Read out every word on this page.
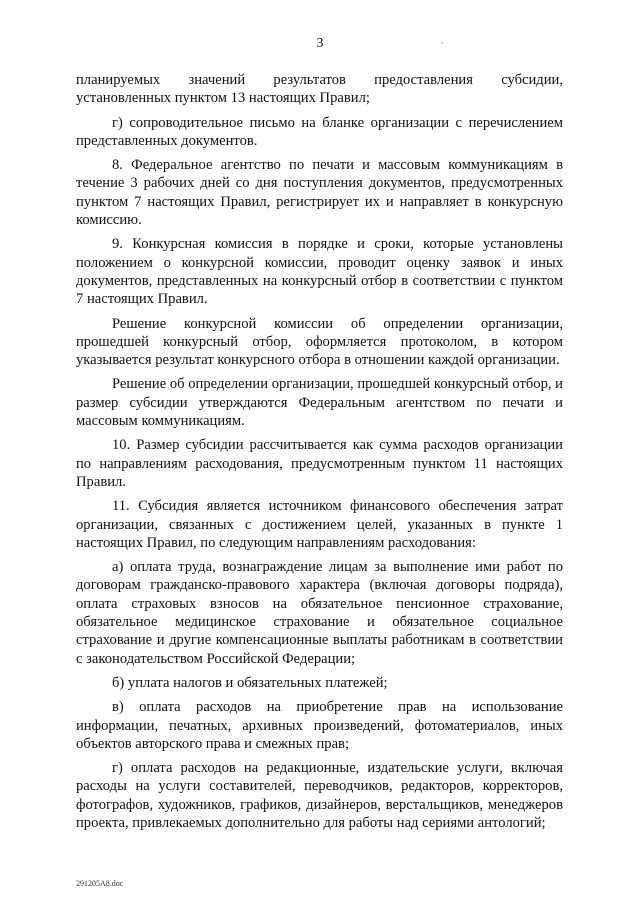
3

планируемых значений результатов предоставления субсидии, установленных пунктом 13 настоящих Правил;

г) сопроводительное письмо на бланке организации с перечислением представленных документов.

8. Федеральное агентство по печати и массовым коммуникациям в течение 3 рабочих дней со дня поступления документов, предусмотренных пунктом 7 настоящих Правил, регистрирует их и направляет в конкурсную комиссию.

9. Конкурсная комиссия в порядке и сроки, которые установлены положением о конкурсной комиссии, проводит оценку заявок и иных документов, представленных на конкурсный отбор в соответствии с пунктом 7 настоящих Правил.

Решение конкурсной комиссии об определении организации, прошедшей конкурсный отбор, оформляется протоколом, в котором указывается результат конкурсного отбора в отношении каждой организации.

Решение об определении организации, прошедшей конкурсный отбор, и размер субсидии утверждаются Федеральным агентством по печати и массовым коммуникациям.

10. Размер субсидии рассчитывается как сумма расходов организации по направлениям расходования, предусмотренным пунктом 11 настоящих Правил.

11. Субсидия является источником финансового обеспечения затрат организации, связанных с достижением целей, указанных в пункте 1 настоящих Правил, по следующим направлениям расходования:

а) оплата труда, вознаграждение лицам за выполнение ими работ по договорам гражданско-правового характера (включая договоры подряда), оплата страховых взносов на обязательное пенсионное страхование, обязательное медицинское страхование и обязательное социальное страхование и другие компенсационные выплаты работникам в соответствии с законодательством Российской Федерации;

б) уплата налогов и обязательных платежей;

в) оплата расходов на приобретение прав на использование информации, печатных, архивных произведений, фотоматериалов, иных объектов авторского права и смежных прав;

г) оплата расходов на редакционные, издательские услуги, включая расходы на услуги составителей, переводчиков, редакторов, корректоров, фотографов, художников, графиков, дизайнеров, верстальщиков, менеджеров проекта, привлекаемых дополнительно для работы над сериями антологий;

291205A8.doc
